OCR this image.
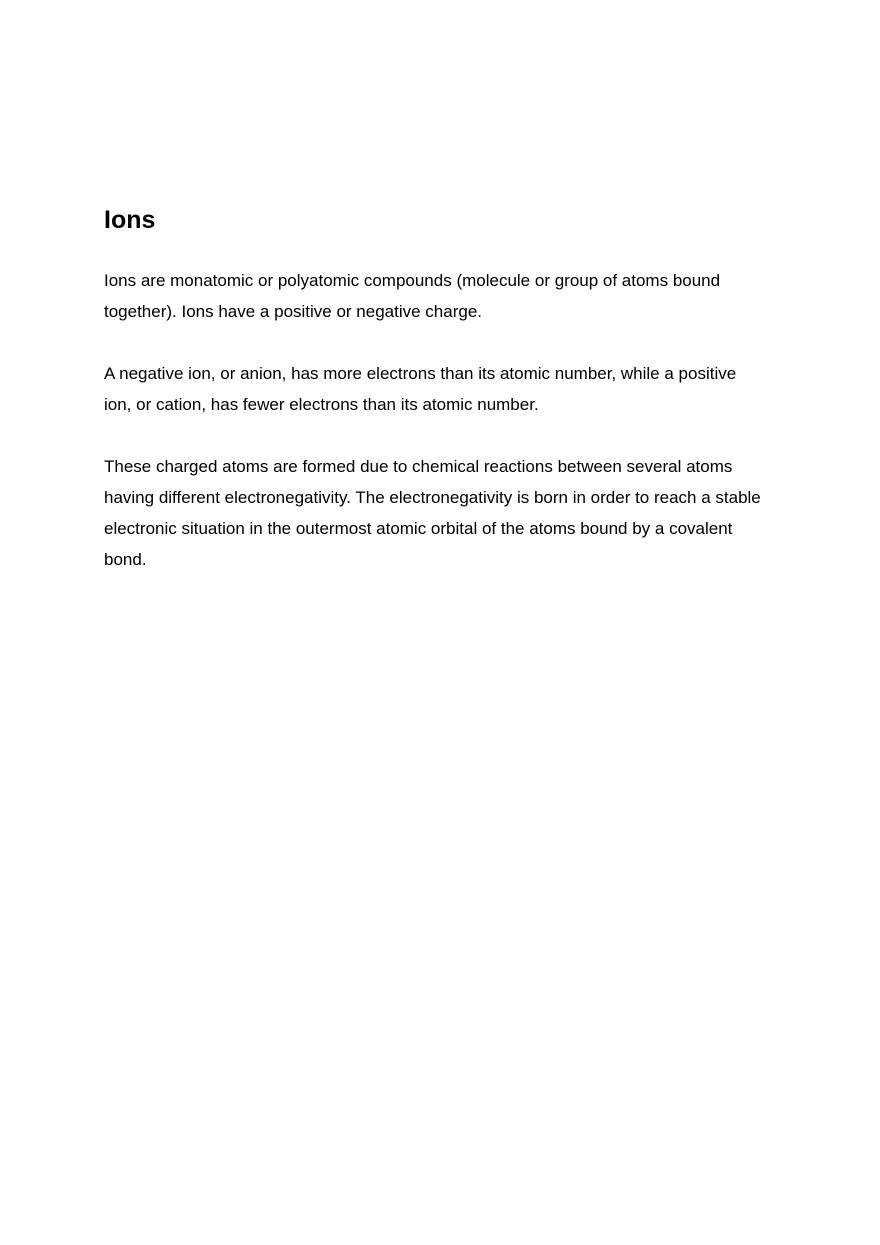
Ions

Ions are monatomic or polyatomic compounds (molecule or group of atoms bound
together). Ions have a positive or negative charge.

A negative ion, or anion, has more electrons than its atomic number, while a positive
ion, or cation, has fewer electrons than its atomic number.

These charged atoms are formed due to chemical reactions between several atoms
having different electronegativity. The electronegativity is born in order to reach a stable
electronic situation in the outermost atomic orbital of the atoms bound by a covalent
bond.
